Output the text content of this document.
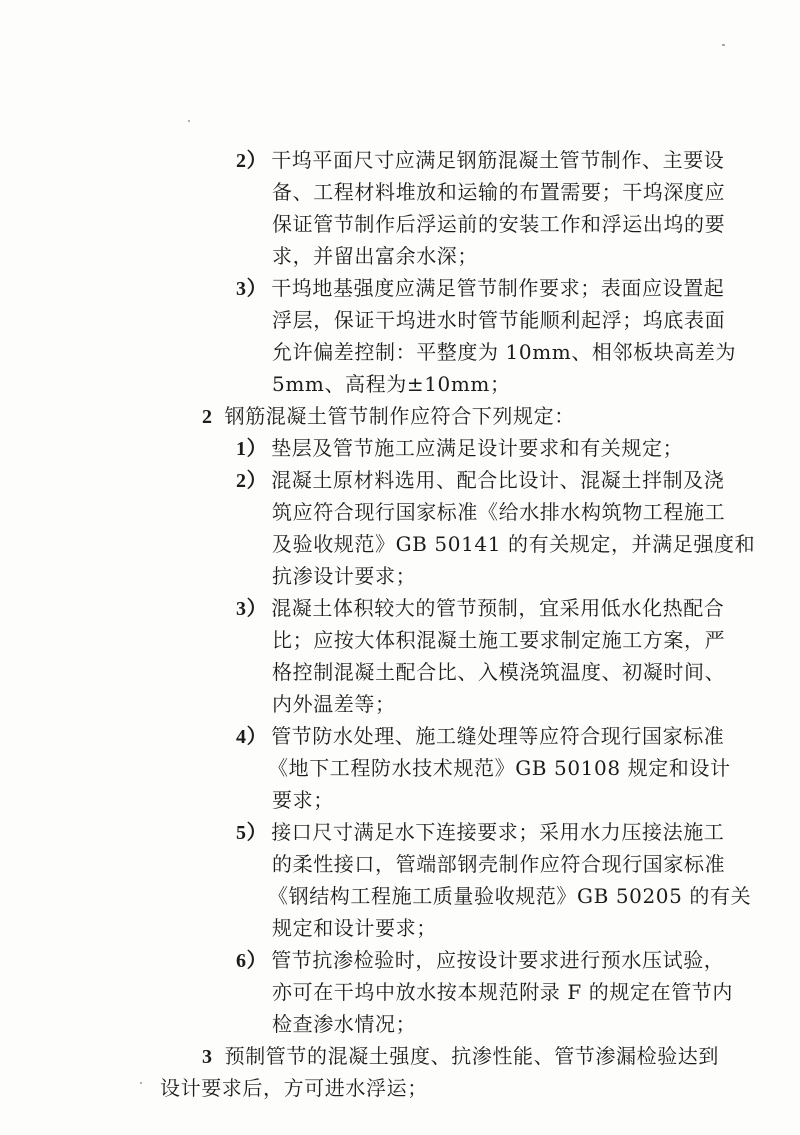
2） 干坞平面尺寸应满足钢筋混凝土管节制作、主要设
备、工程材料堆放和运输的布置需要；干坞深度应
保证管节制作后浮运前的安装工作和浮运出坞的要
求，并留出富余水深；
3） 干坞地基强度应满足管节制作要求；表面应设置起
浮层，保证干坞进水时管节能顺利起浮；坞底表面
允许偏差控制：平整度为 10mm、相邻板块高差为
5mm、高程为±10mm；
2 钢筋混凝土管节制作应符合下列规定：
1） 垫层及管节施工应满足设计要求和有关规定；
2） 混凝土原材料选用、配合比设计、混凝土拌制及浇
筑应符合现行国家标准《给水排水构筑物工程施工
及验收规范》GB 50141 的有关规定，并满足强度和
抗渗设计要求；
3） 混凝土体积较大的管节预制，宜采用低水化热配合
比；应按大体积混凝土施工要求制定施工方案，严
格控制混凝土配合比、入模浇筑温度、初凝时间、
内外温差等；
4） 管节防水处理、施工缝处理等应符合现行国家标准
《地下工程防水技术规范》GB 50108 规定和设计
要求；
5） 接口尺寸满足水下连接要求；采用水力压接法施工
的柔性接口，管端部钢壳制作应符合现行国家标准
《钢结构工程施工质量验收规范》GB 50205 的有关
规定和设计要求；
6） 管节抗渗检验时，应按设计要求进行预水压试验，
亦可在干坞中放水按本规范附录 F 的规定在管节内
检查渗水情况；
3 预制管节的混凝土强度、抗渗性能、管节渗漏检验达到
设计要求后，方可进水浮运；
